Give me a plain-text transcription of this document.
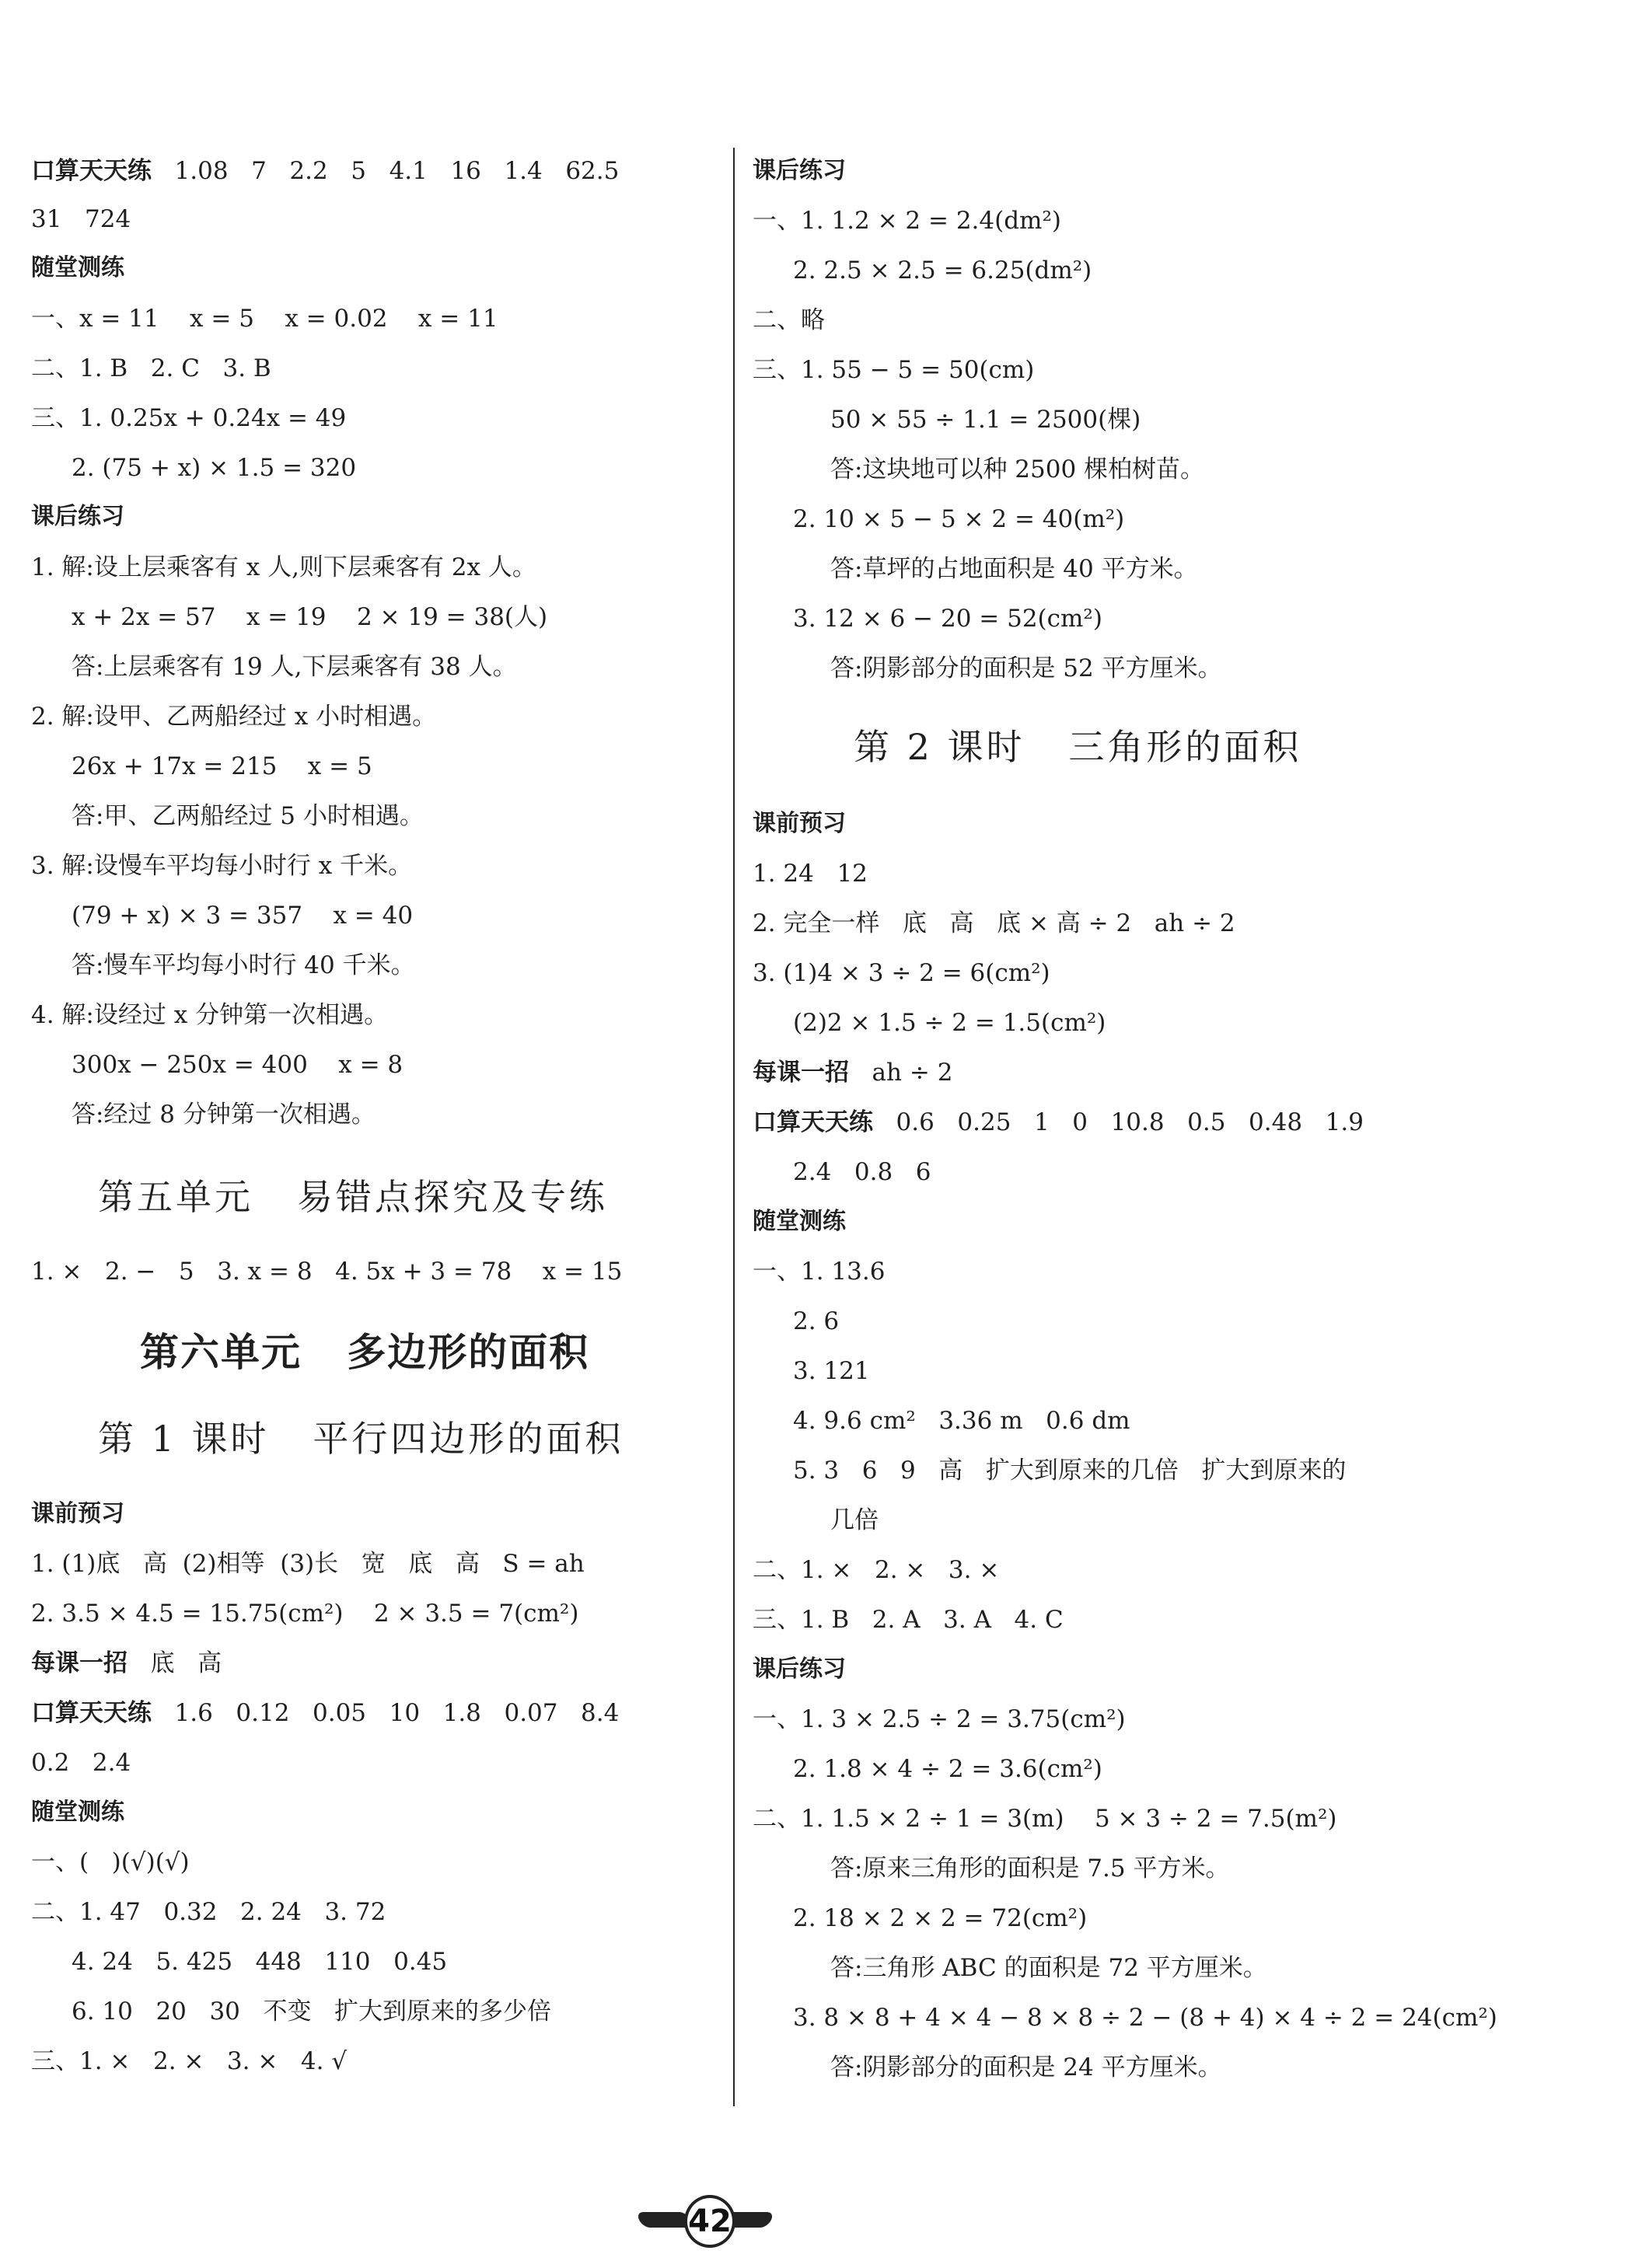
口算天天练   1.08   7   2.2   5   4.1   16   1.4   62.5
31   724
随堂测练
一、x = 11    x = 5    x = 0.02    x = 11
二、1. B   2. C   3. B
三、1. 0.25x + 0.24x = 49
2. (75 + x) × 1.5 = 320
课后练习
1. 解:设上层乘客有 x 人,则下层乘客有 2x 人。
x + 2x = 57    x = 19    2 × 19 = 38(人)
答:上层乘客有 19 人,下层乘客有 38 人。
2. 解:设甲、乙两船经过 x 小时相遇。
26x + 17x = 215    x = 5
答:甲、乙两船经过 5 小时相遇。
3. 解:设慢车平均每小时行 x 千米。
(79 + x) × 3 = 357    x = 40
答:慢车平均每小时行 40 千米。
4. 解:设经过 x 分钟第一次相遇。
300x − 250x = 400    x = 8
答:经过 8 分钟第一次相遇。
第五单元   易错点探究及专练
1. ×   2. −   5   3. x = 8   4. 5x + 3 = 78    x = 15
第六单元   多边形的面积
第 1 课时   平行四边形的面积
课前预习
1. (1)底   高  (2)相等  (3)长   宽   底   高   S = ah
2. 3.5 × 4.5 = 15.75(cm²)    2 × 3.5 = 7(cm²)
每课一招   底   高
口算天天练   1.6   0.12   0.05   10   1.8   0.07   8.4
0.2   2.4
随堂测练
一、(   )(√)(√)
二、1. 47   0.32   2. 24   3. 72
4. 24   5. 425   448   110   0.45
6. 10   20   30   不变   扩大到原来的多少倍
三、1. ×   2. ×   3. ×   4. √
课后练习
一、1. 1.2 × 2 = 2.4(dm²)
2. 2.5 × 2.5 = 6.25(dm²)
二、略
三、1. 55 − 5 = 50(cm)
50 × 55 ÷ 1.1 = 2500(棵)
答:这块地可以种 2500 棵柏树苗。
2. 10 × 5 − 5 × 2 = 40(m²)
答:草坪的占地面积是 40 平方米。
3. 12 × 6 − 20 = 52(cm²)
答:阴影部分的面积是 52 平方厘米。
第 2 课时   三角形的面积
课前预习
1. 24   12
2. 完全一样   底   高   底 × 高 ÷ 2   ah ÷ 2
3. (1)4 × 3 ÷ 2 = 6(cm²)
(2)2 × 1.5 ÷ 2 = 1.5(cm²)
每课一招   ah ÷ 2
口算天天练   0.6   0.25   1   0   10.8   0.5   0.48   1.9
2.4   0.8   6
随堂测练
一、1. 13.6
2. 6
3. 121
4. 9.6 cm²   3.36 m   0.6 dm
5. 3   6   9   高   扩大到原来的几倍   扩大到原来的
几倍
二、1. ×   2. ×   3. ×
三、1. B   2. A   3. A   4. C
课后练习
一、1. 3 × 2.5 ÷ 2 = 3.75(cm²)
2. 1.8 × 4 ÷ 2 = 3.6(cm²)
二、1. 1.5 × 2 ÷ 1 = 3(m)    5 × 3 ÷ 2 = 7.5(m²)
答:原来三角形的面积是 7.5 平方米。
2. 18 × 2 × 2 = 72(cm²)
答:三角形 ABC 的面积是 72 平方厘米。
3. 8 × 8 + 4 × 4 − 8 × 8 ÷ 2 − (8 + 4) × 4 ÷ 2 = 24(cm²)
答:阴影部分的面积是 24 平方厘米。
42
